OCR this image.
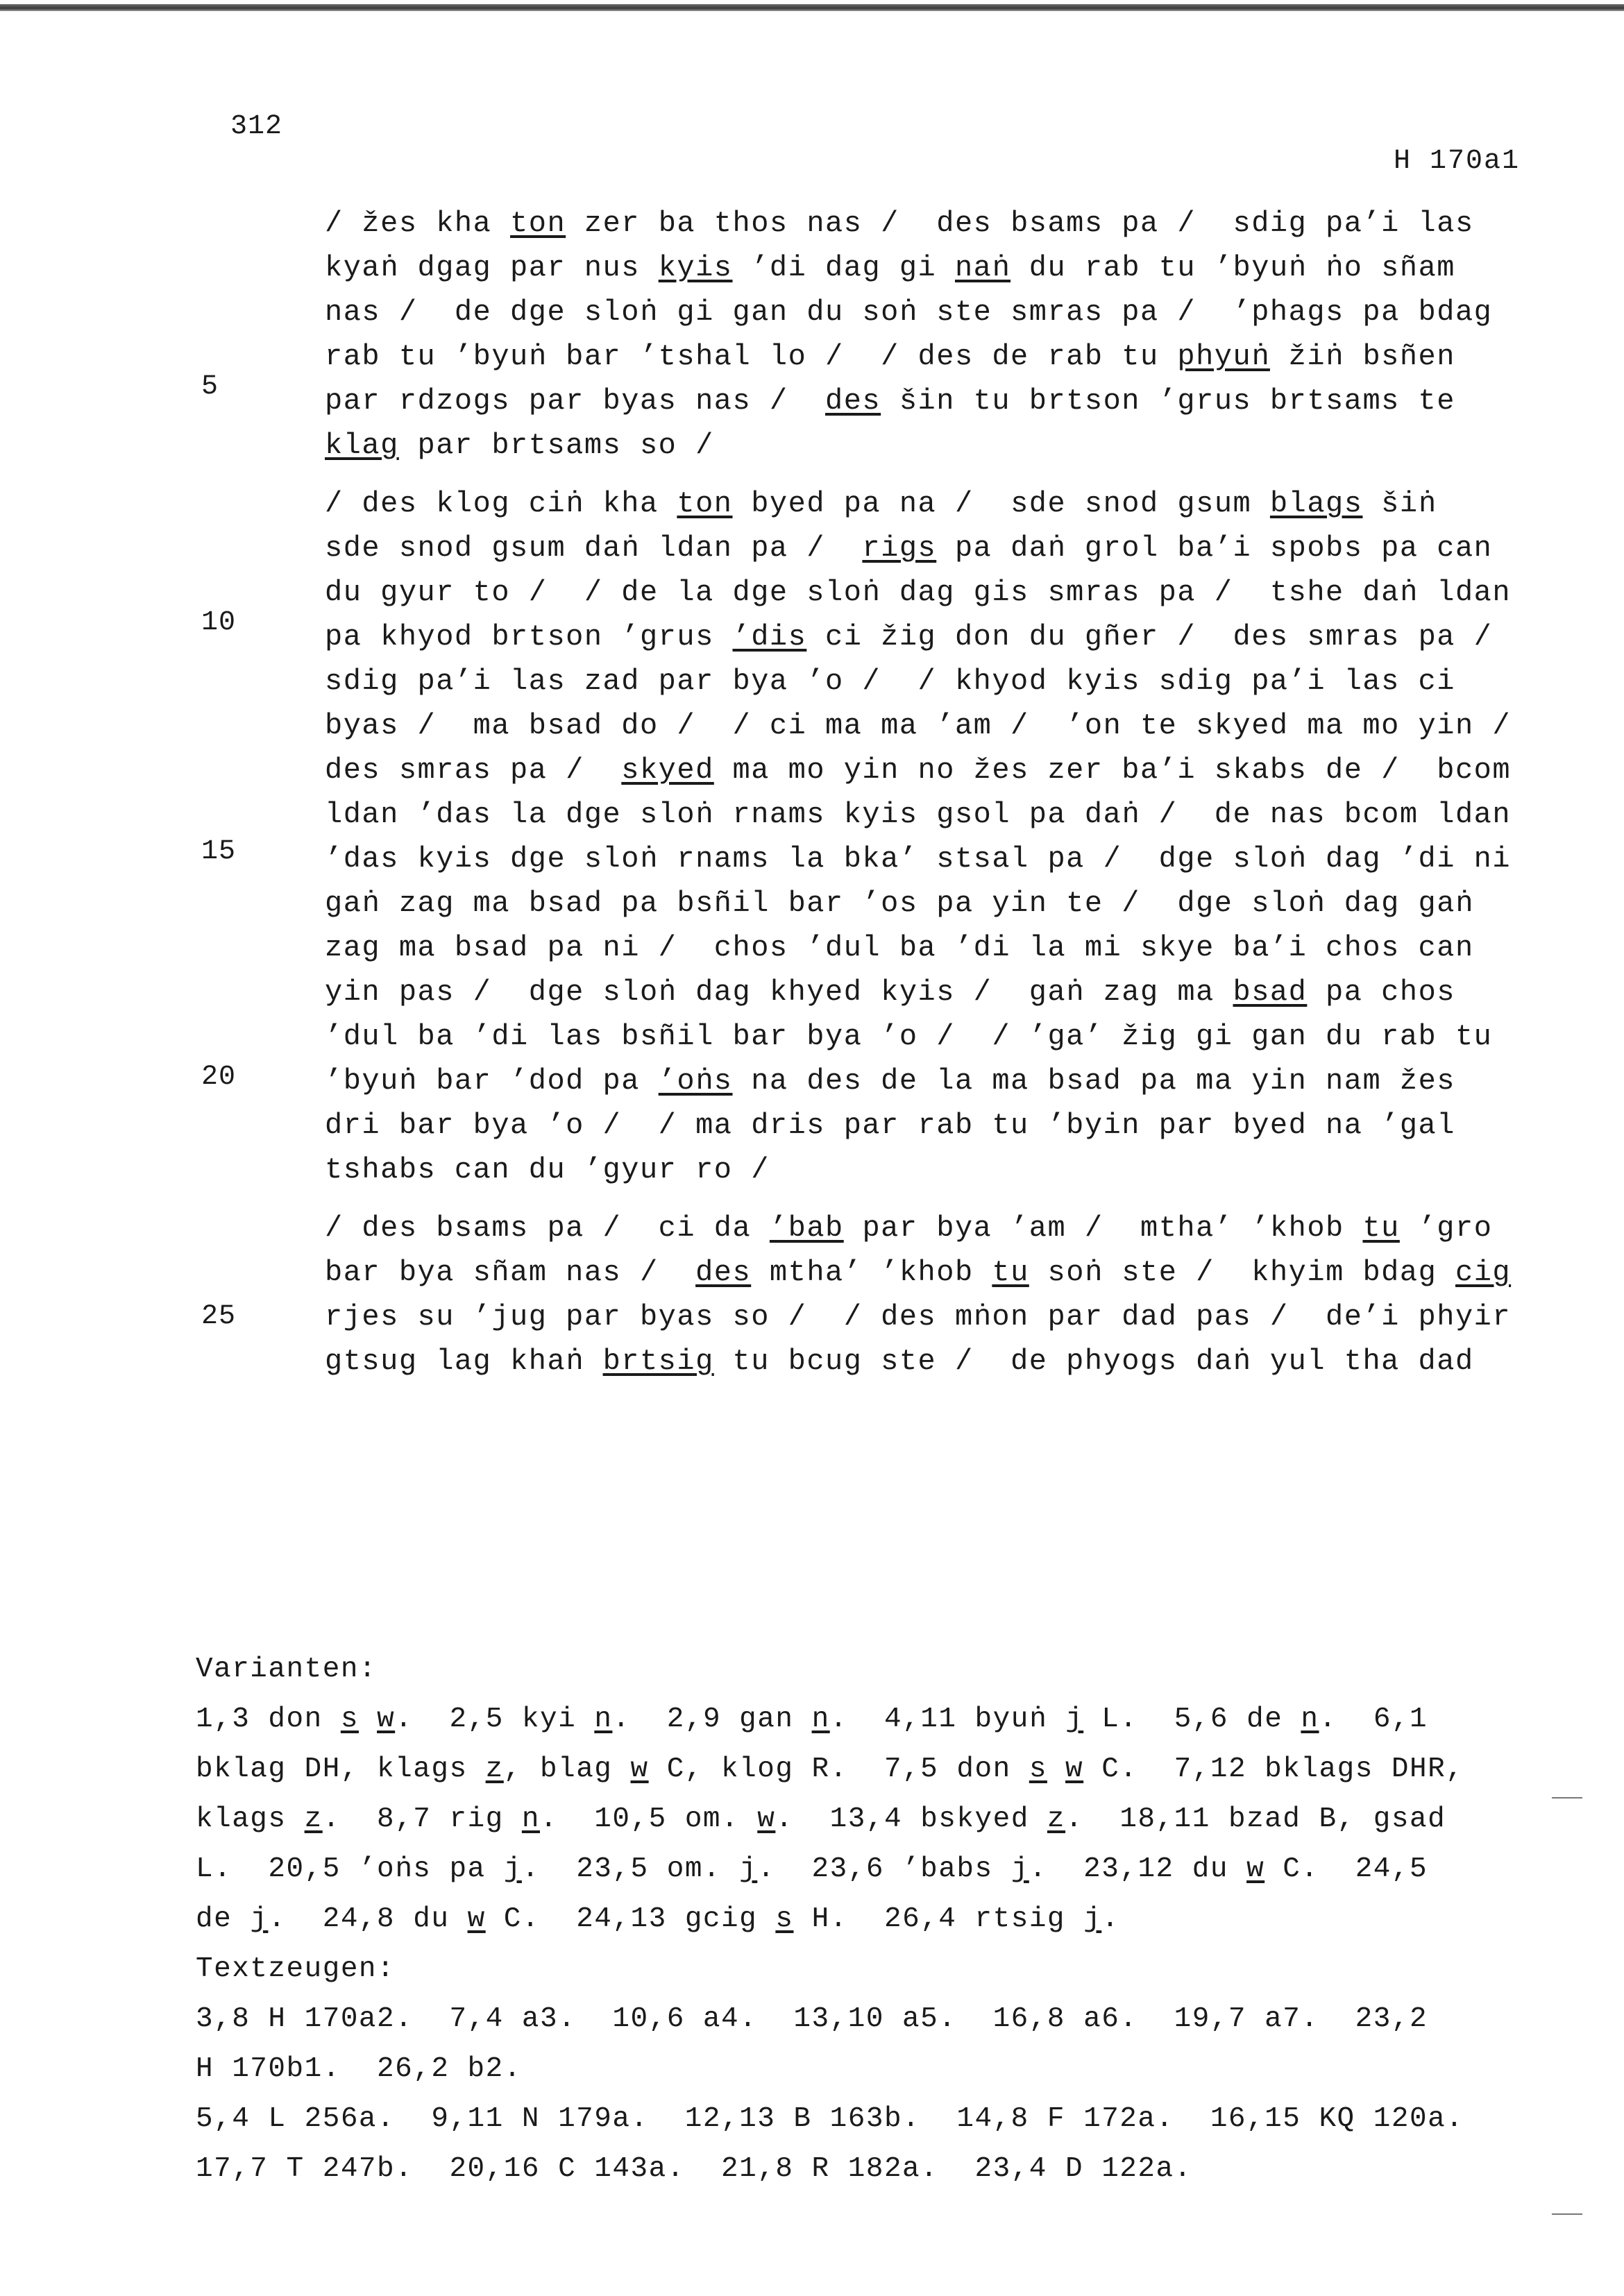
312
H 170a1
5
10
15
20
25
/ žes kha ton zer ba thos nas /  des bsams pa /  sdig pa’i las
kyaṅ dgag par nus kyis ’di dag gi naṅ du rab tu ’byuṅ ṅo sñam
nas /  de dge sloṅ gi gan du soṅ ste smras pa /  ’phags pa bdag
rab tu ’byuṅ bar ’tshal lo /  / des de rab tu phyuṅ žiṅ bsñen
par rdzogs par byas nas /  des šin tu brtson ’grus brtsams te
klag par brtsams so /
/ des klog ciṅ kha ton byed pa na /  sde snod gsum blags šiṅ
sde snod gsum daṅ ldan pa /  rigs pa daṅ grol ba’i spobs pa can
du gyur to /  / de la dge sloṅ dag gis smras pa /  tshe daṅ ldan
pa khyod brtson ’grus ’dis ci žig don du gñer /  des smras pa /
sdig pa’i las zad par bya ’o /  / khyod kyis sdig pa’i las ci
byas /  ma bsad do /  / ci ma ma ’am /  ’on te skyed ma mo yin /
des smras pa /  skyed ma mo yin no žes zer ba’i skabs de /  bcom
ldan ’das la dge sloṅ rnams kyis gsol pa daṅ /  de nas bcom ldan
’das kyis dge sloṅ rnams la bka’ stsal pa /  dge sloṅ dag ’di ni
gaṅ zag ma bsad pa bsñil bar ’os pa yin te /  dge sloṅ dag gaṅ
zag ma bsad pa ni /  chos ’dul ba ’di la mi skye ba’i chos can
yin pas /  dge sloṅ dag khyed kyis /  gaṅ zag ma bsad pa chos
’dul ba ’di las bsñil bar bya ’o /  / ’ga’ žig gi gan du rab tu
’byuṅ bar ’dod pa ’oṅs na des de la ma bsad pa ma yin nam žes
dri bar bya ’o /  / ma dris par rab tu ’byin par byed na ’gal
tshabs can du ’gyur ro /
/ des bsams pa /  ci da ’bab par bya ’am /  mtha’ ’khob tu ’gro
bar bya sñam nas /  des mtha’ ’khob tu soṅ ste /  khyim bdag cig
rjes su ’jug par byas so /  / des mṅon par dad pas /  de’i phyir
gtsug lag khaṅ brtsig tu bcug ste /  de phyogs daṅ yul tha dad
Varianten:
1,3 don s w.  2,5 kyi n.  2,9 gan n.  4,11 byuṅ j L.  5,6 de n.  6,1
bklag DH, klags z, blag w C, klog R.  7,5 don s w C.  7,12 bklags DHR,
klags z.  8,7 rig n.  10,5 om. w.  13,4 bskyed z.  18,11 bzad B, gsad
L.  20,5 ’oṅs pa j.  23,5 om. j.  23,6 ’babs j.  23,12 du w C.  24,5
de j.  24,8 du w C.  24,13 gcig s H.  26,4 rtsig j.
Textzeugen:
3,8 H 170a2.  7,4 a3.  10,6 a4.  13,10 a5.  16,8 a6.  19,7 a7.  23,2
H 170b1.  26,2 b2.
5,4 L 256a.  9,11 N 179a.  12,13 B 163b.  14,8 F 172a.  16,15 KQ 120a.
17,7 T 247b.  20,16 C 143a.  21,8 R 182a.  23,4 D 122a.
